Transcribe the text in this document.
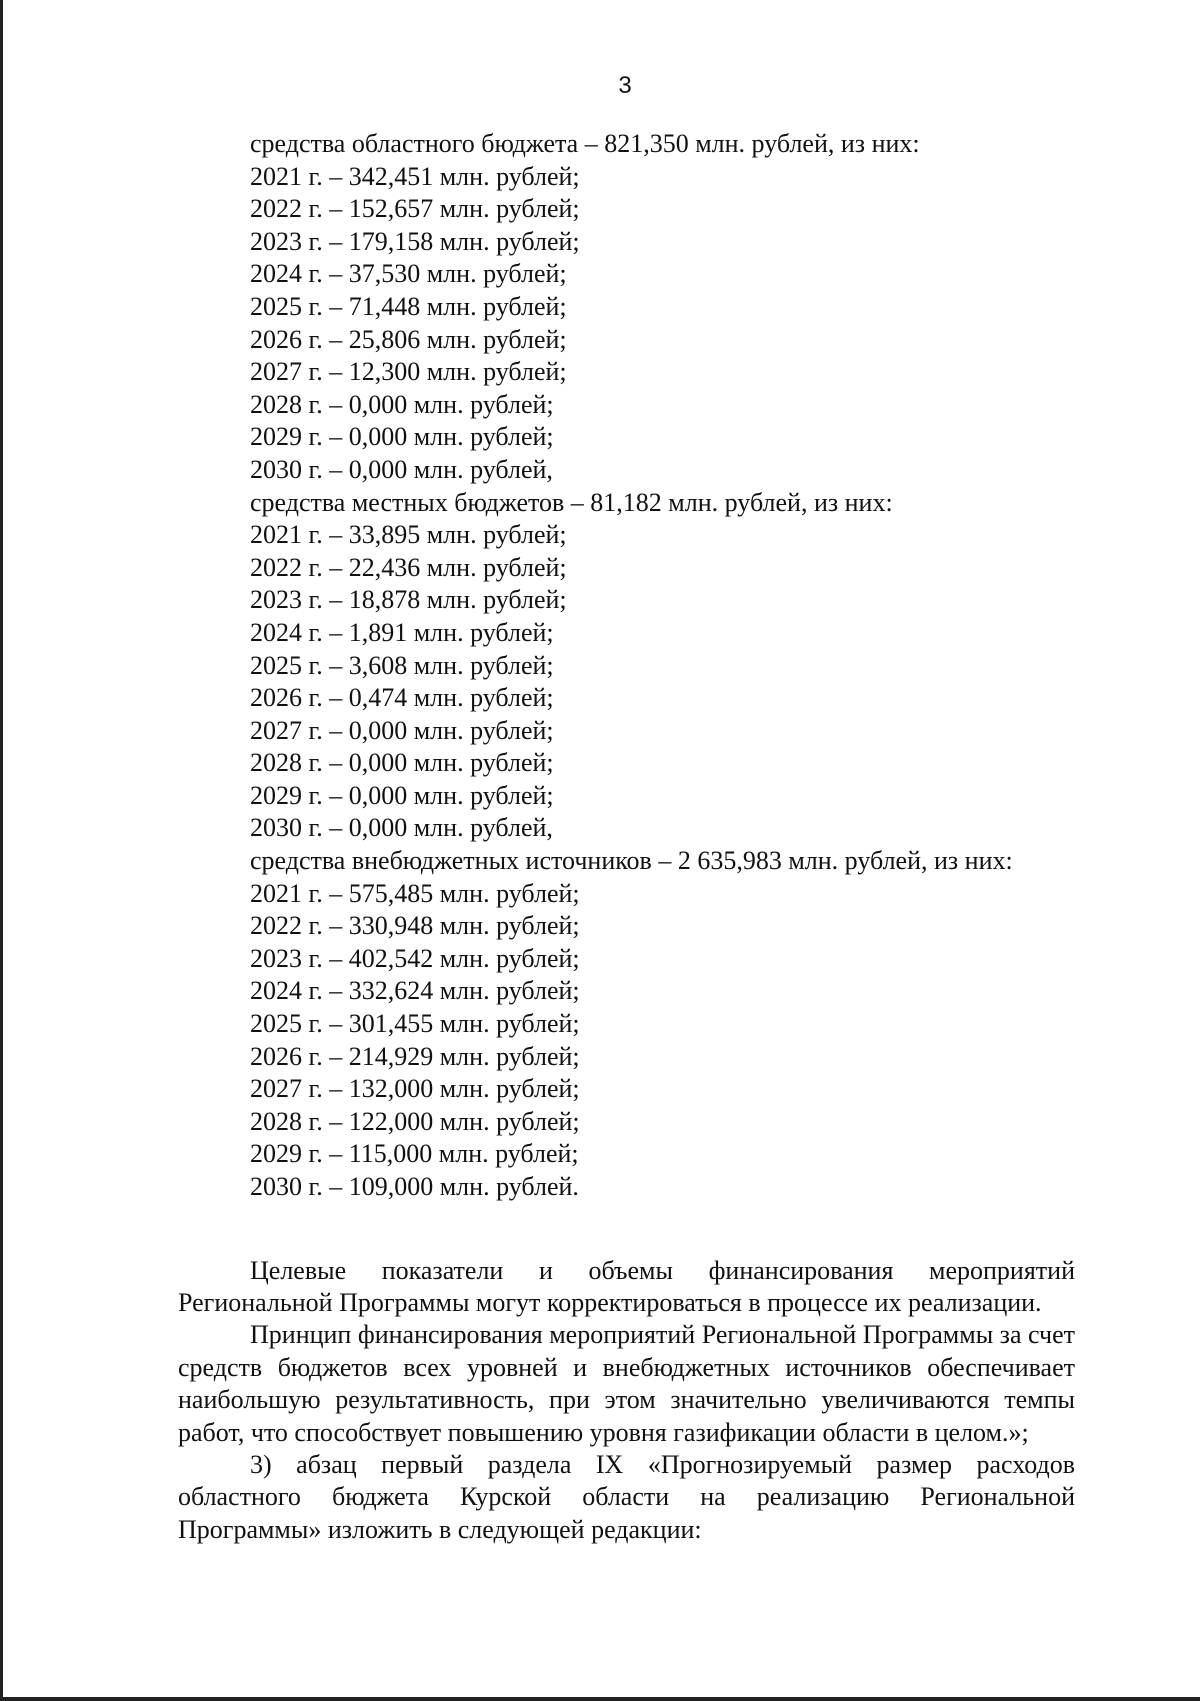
3
средства областного бюджета – 821,350 млн. рублей, из них:
2021 г. – 342,451 млн. рублей;
2022 г. – 152,657 млн. рублей;
2023 г. – 179,158 млн. рублей;
2024 г. – 37,530 млн. рублей;
2025 г. – 71,448 млн. рублей;
2026 г. – 25,806 млн. рублей;
2027 г. – 12,300 млн. рублей;
2028 г. – 0,000 млн. рублей;
2029 г. – 0,000 млн. рублей;
2030 г. – 0,000 млн. рублей,
средства местных бюджетов – 81,182 млн. рублей, из них:
2021 г. – 33,895 млн. рублей;
2022 г. – 22,436 млн. рублей;
2023 г. – 18,878 млн. рублей;
2024 г. – 1,891 млн. рублей;
2025 г. – 3,608 млн. рублей;
2026 г. – 0,474 млн. рублей;
2027 г. – 0,000 млн. рублей;
2028 г. – 0,000 млн. рублей;
2029 г. – 0,000 млн. рублей;
2030 г. – 0,000 млн. рублей,
средства внебюджетных источников – 2 635,983 млн. рублей, из них:
2021 г. – 575,485 млн. рублей;
2022 г. – 330,948 млн. рублей;
2023 г. – 402,542 млн. рублей;
2024 г. – 332,624 млн. рублей;
2025 г. – 301,455 млн. рублей;
2026 г. – 214,929 млн. рублей;
2027 г. – 132,000 млн. рублей;
2028 г. – 122,000 млн. рублей;
2029 г. – 115,000 млн. рублей;
2030 г. – 109,000 млн. рублей.

Целевые показатели и объемы финансирования мероприятий Региональной Программы могут корректироваться в процессе их реализации.

Принцип финансирования мероприятий Региональной Программы за счет средств бюджетов всех уровней и внебюджетных источников обеспечивает наибольшую результативность, при этом значительно увеличиваются темпы работ, что способствует повышению уровня газификации области в целом.»;

3) абзац первый раздела IX «Прогнозируемый размер расходов областного бюджета Курской области на реализацию Региональной Программы» изложить в следующей редакции:
